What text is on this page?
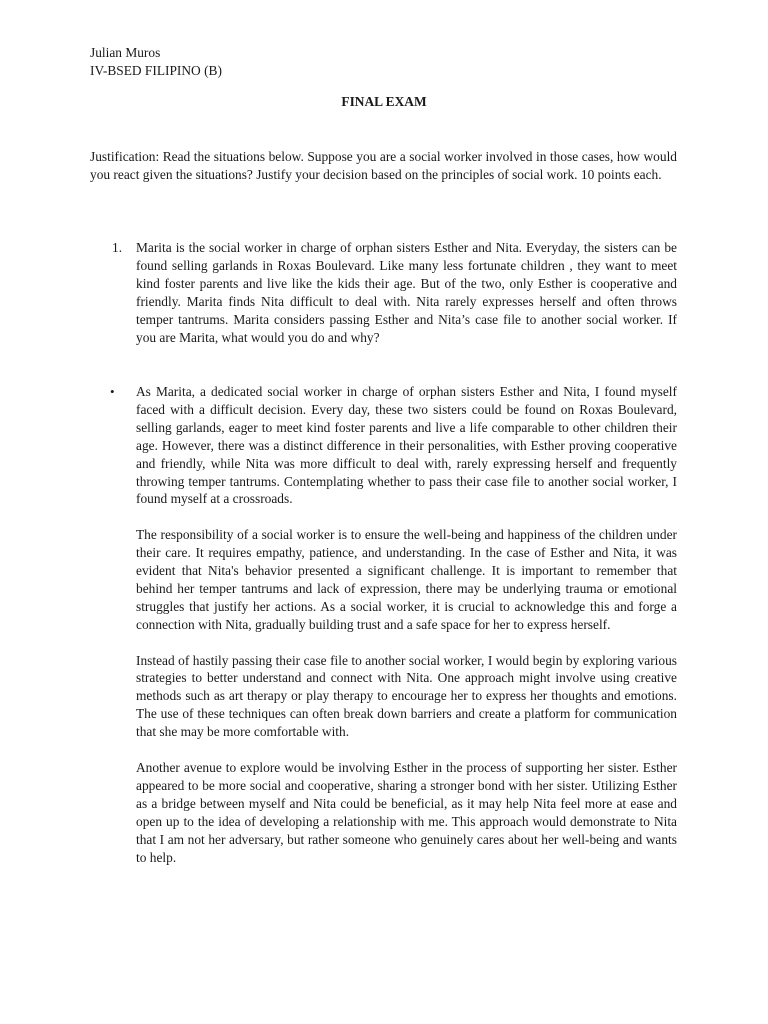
Julian Muros
IV-BSED FILIPINO (B)
FINAL EXAM
Justification: Read the situations below. Suppose you are a social worker involved in those cases, how would you react given the situations? Justify your decision based on the principles of social work. 10 points each.
1.	Marita is the social worker in charge of orphan sisters Esther and Nita. Everyday, the sisters can be found selling garlands in Roxas Boulevard. Like many less fortunate children , they want to meet kind foster parents and live like the kids their age. But of the two, only Esther is cooperative and friendly. Marita finds Nita difficult to deal with. Nita rarely expresses herself and often throws temper tantrums. Marita considers passing Esther and Nita’s case file to another social worker. If you are Marita, what would you do and why?
•	As Marita, a dedicated social worker in charge of orphan sisters Esther and Nita, I found myself faced with a difficult decision. Every day, these two sisters could be found on Roxas Boulevard, selling garlands, eager to meet kind foster parents and live a life comparable to other children their age. However, there was a distinct difference in their personalities, with Esther proving cooperative and friendly, while Nita was more difficult to deal with, rarely expressing herself and frequently throwing temper tantrums. Contemplating whether to pass their case file to another social worker, I found myself at a crossroads.

The responsibility of a social worker is to ensure the well-being and happiness of the children under their care. It requires empathy, patience, and understanding. In the case of Esther and Nita, it was evident that Nita's behavior presented a significant challenge. It is important to remember that behind her temper tantrums and lack of expression, there may be underlying trauma or emotional struggles that justify her actions. As a social worker, it is crucial to acknowledge this and forge a connection with Nita, gradually building trust and a safe space for her to express herself.

Instead of hastily passing their case file to another social worker, I would begin by exploring various strategies to better understand and connect with Nita. One approach might involve using creative methods such as art therapy or play therapy to encourage her to express her thoughts and emotions. The use of these techniques can often break down barriers and create a platform for communication that she may be more comfortable with.

Another avenue to explore would be involving Esther in the process of supporting her sister. Esther appeared to be more social and cooperative, sharing a stronger bond with her sister. Utilizing Esther as a bridge between myself and Nita could be beneficial, as it may help Nita feel more at ease and open up to the idea of developing a relationship with me. This approach would demonstrate to Nita that I am not her adversary, but rather someone who genuinely cares about her well-being and wants to help.
